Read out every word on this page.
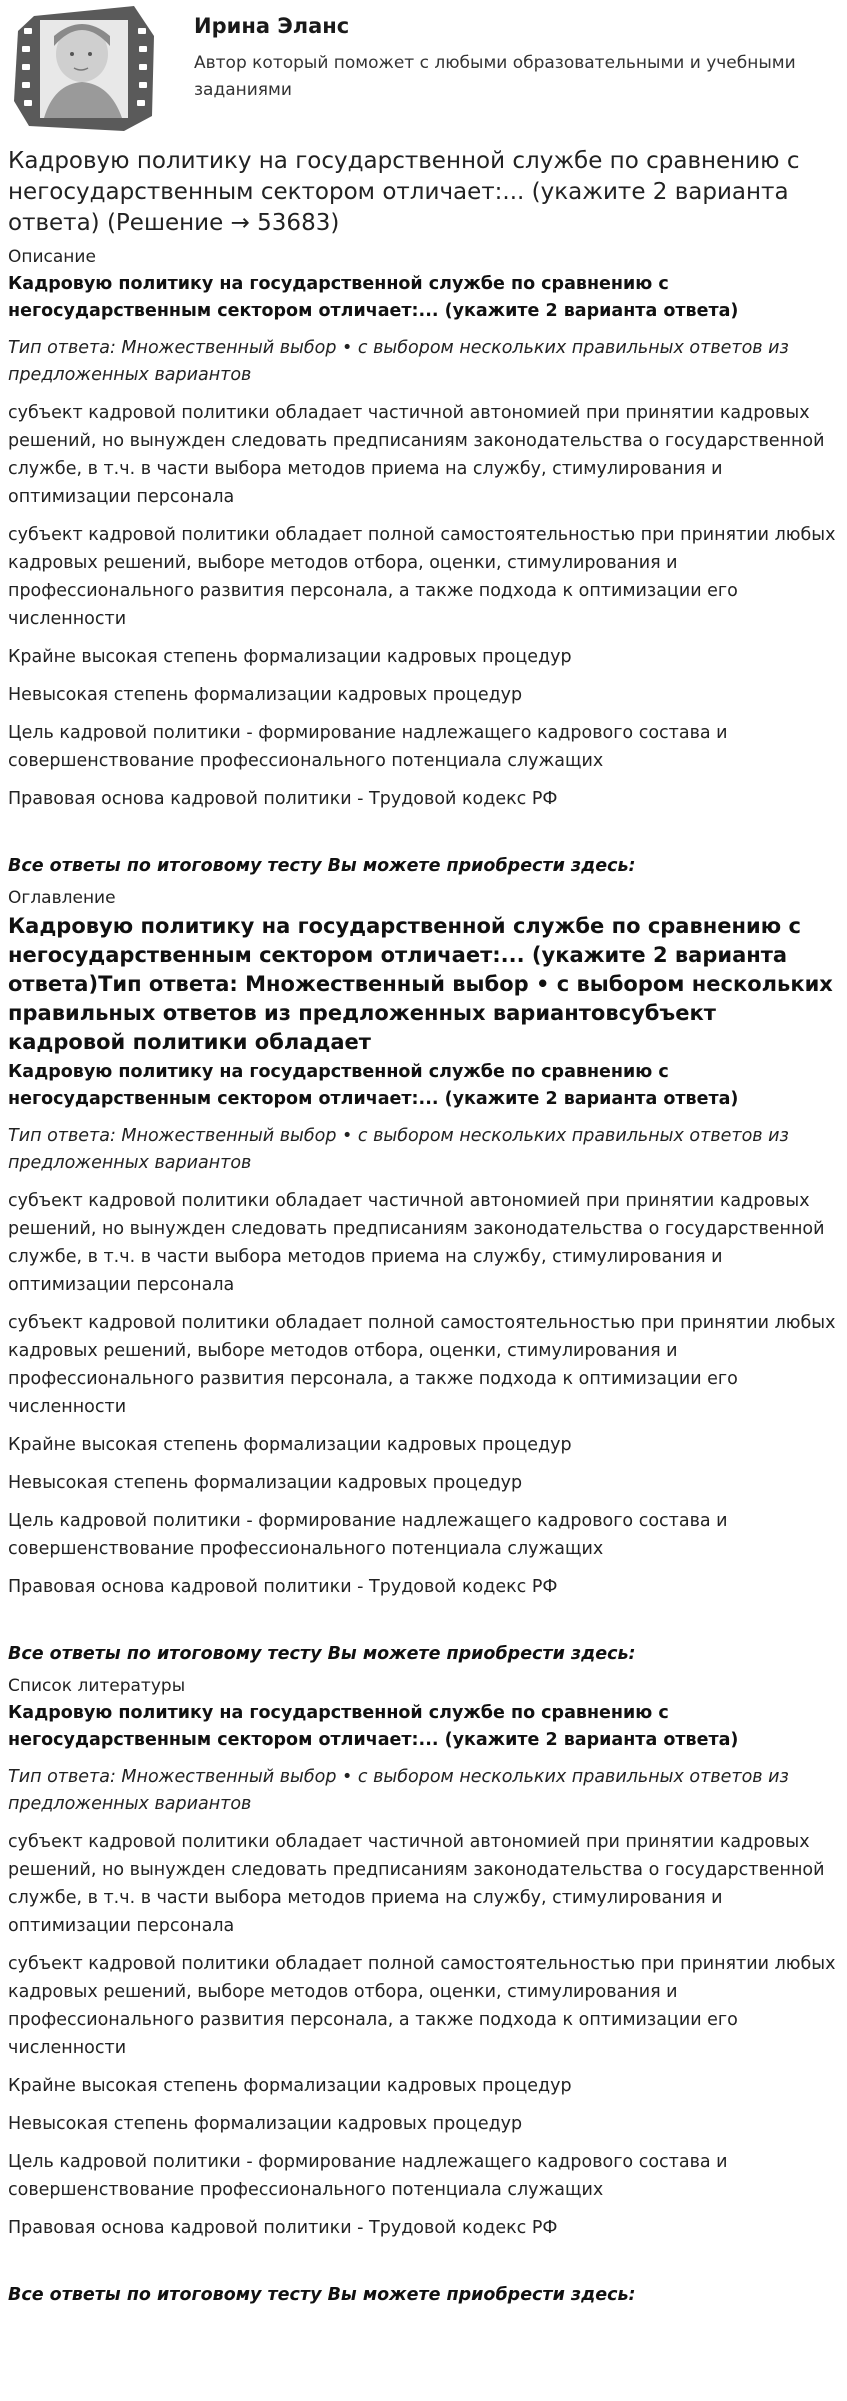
Ирина Эланс
Автор который поможет с любыми образовательными и учебными заданиями
Кадровую политику на государственной службе по сравнению с негосударственным сектором отличает:... (укажите 2 варианта ответа) (Решение → 53683)
Описание
Кадровую политику на государственной службе по сравнению с негосударственным сектором отличает:... (укажите 2 варианта ответа)
Тип ответа: Множественный выбор • с выбором нескольких правильных ответов из предложенных вариантов
субъект кадровой политики обладает частичной автономией при принятии кадровых решений, но вынужден следовать предписаниям законодательства о государственной службе, в т.ч. в части выбора методов приема на службу, стимулирования и оптимизации персонала
субъект кадровой политики обладает полной самостоятельностью при принятии любых кадровых решений, выборе методов отбора, оценки, стимулирования и профессионального развития персонала, а также подхода к оптимизации его численности
Крайне высокая степень формализации кадровых процедур
Невысокая степень формализации кадровых процедур
Цель кадровой политики - формирование надлежащего кадрового состава и совершенствование профессионального потенциала служащих
Правовая основа кадровой политики - Трудовой кодекс РФ
Все ответы по итоговому тесту Вы можете приобрести здесь:
Оглавление
Кадровую политику на государственной службе по сравнению с негосударственным сектором отличает:... (укажите 2 варианта ответа)Тип ответа: Множественный выбор • с выбором нескольких правильных ответов из предложенных вариантовсубъект кадровой политики обладает
Кадровую политику на государственной службе по сравнению с негосударственным сектором отличает:... (укажите 2 варианта ответа)
Тип ответа: Множественный выбор • с выбором нескольких правильных ответов из предложенных вариантов
субъект кадровой политики обладает частичной автономией при принятии кадровых решений, но вынужден следовать предписаниям законодательства о государственной службе, в т.ч. в части выбора методов приема на службу, стимулирования и оптимизации персонала
субъект кадровой политики обладает полной самостоятельностью при принятии любых кадровых решений, выборе методов отбора, оценки, стимулирования и профессионального развития персонала, а также подхода к оптимизации его численности
Крайне высокая степень формализации кадровых процедур
Невысокая степень формализации кадровых процедур
Цель кадровой политики - формирование надлежащего кадрового состава и совершенствование профессионального потенциала служащих
Правовая основа кадровой политики - Трудовой кодекс РФ
Все ответы по итоговому тесту Вы можете приобрести здесь:
Список литературы
Кадровую политику на государственной службе по сравнению с негосударственным сектором отличает:... (укажите 2 варианта ответа)
Тип ответа: Множественный выбор • с выбором нескольких правильных ответов из предложенных вариантов
субъект кадровой политики обладает частичной автономией при принятии кадровых решений, но вынужден следовать предписаниям законодательства о государственной службе, в т.ч. в части выбора методов приема на службу, стимулирования и оптимизации персонала
субъект кадровой политики обладает полной самостоятельностью при принятии любых кадровых решений, выборе методов отбора, оценки, стимулирования и профессионального развития персонала, а также подхода к оптимизации его численности
Крайне высокая степень формализации кадровых процедур
Невысокая степень формализации кадровых процедур
Цель кадровой политики - формирование надлежащего кадрового состава и совершенствование профессионального потенциала служащих
Правовая основа кадровой политики - Трудовой кодекс РФ
Все ответы по итоговому тесту Вы можете приобрести здесь:
